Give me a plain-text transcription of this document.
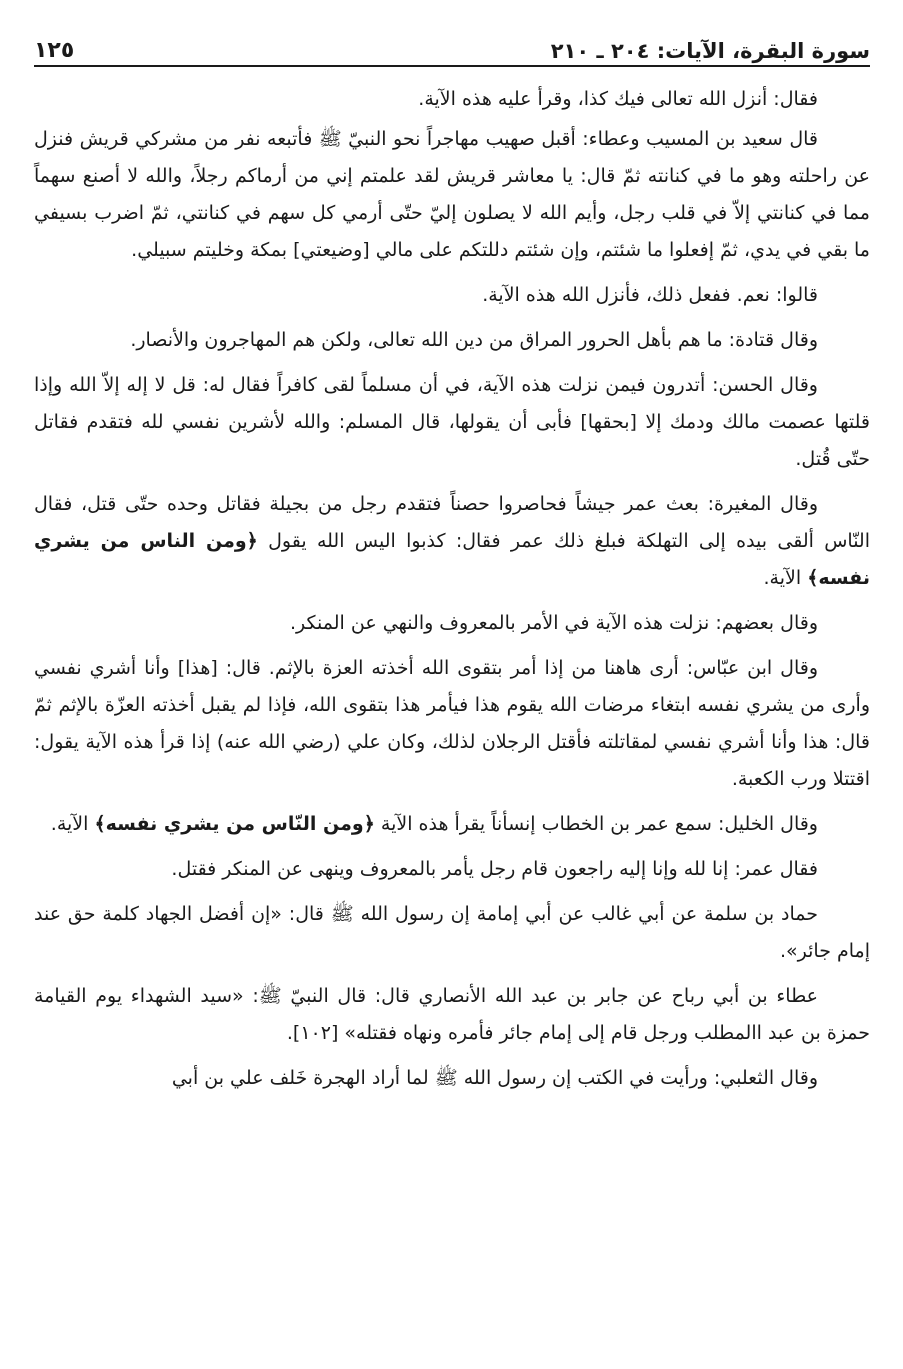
سورة البقرة، الآيات: ٢٠٤ ـ ٢١٠
١٢٥

فقال: أنزل الله تعالى فيك كذا، وقرأ عليه هذه الآية.

قال سعيد بن المسيب وعطاء: أقبل صهيب مهاجراً نحو النبيّ ﷺ فأتبعه نفر من مشركي قريش فنزل عن راحلته وهو ما في كنانته ثمّ قال: يا معاشر قريش لقد علمتم إني من أرماكم رجلاً، والله لا أصنع سهماً مما في كنانتي إلاّ في قلب رجل، وأيم الله لا يصلون إليّ حتّى أرمي كل سهم في كنانتي، ثمّ اضرب بسيفي ما بقي في يدي، ثمّ إفعلوا ما شئتم، وإن شئتم دللتكم على مالي [وضيعتي] بمكة وخليتم سبيلي.

قالوا: نعم. ففعل ذلك، فأنزل الله هذه الآية.

وقال قتادة: ما هم بأهل الحرور المراق من دين الله تعالى، ولكن هم المهاجرون والأنصار.

وقال الحسن: أتدرون فيمن نزلت هذه الآية، في أن مسلماً لقى كافراً فقال له: قل لا إله إلاّ الله وإذا قلتها عصمت مالك ودمك إلا [بحقها] فأبى أن يقولها، قال المسلم: والله لأشرين نفسي لله فتقدم فقاتل حتّى قُتل.

وقال المغيرة: بعث عمر جيشاً فحاصروا حصناً فتقدم رجل من بجيلة فقاتل وحده حتّى قتل، فقال النّاس ألقى بيده إلى التهلكة فبلغ ذلك عمر فقال: كذبوا اليس الله يقول ﴿ومن الناس من يشري نفسه﴾ الآية.

وقال بعضهم: نزلت هذه الآية في الأمر بالمعروف والنهي عن المنكر.

وقال ابن عبّاس: أرى هاهنا من إذا أمر بتقوى الله أخذته العزة بالإثم. قال: [هذا] وأنا أشري نفسي وأرى من يشري نفسه ابتغاء مرضات الله يقوم هذا فيأمر هذا بتقوى الله، فإذا لم يقبل أخذته العزّة بالإثم ثمّ قال: هذا وأنا أشري نفسي لمقاتلته فأقتل الرجلان لذلك، وكان علي (رضي الله عنه) إذا قرأ هذه الآية يقول: اقتتلا ورب الكعبة.

وقال الخليل: سمع عمر بن الخطاب إنسأناً يقرأ هذه الآية ﴿ومن النّاس من يشري نفسه﴾ الآية.

فقال عمر: إنا لله وإنا إليه راجعون قام رجل يأمر بالمعروف وينهى عن المنكر فقتل.

حماد بن سلمة عن أبي غالب عن أبي إمامة إن رسول الله ﷺ قال: «إن أفضل الجهاد كلمة حق عند إمام جائر».

عطاء بن أبي رباح عن جابر بن عبد الله الأنصاري قال: قال النبيّ ﷺ: «سيد الشهداء يوم القيامة حمزة بن عبد االمطلب ورجل قام إلى إمام جائر فأمره ونهاه فقتله» [١٠٢].

وقال الثعلبي: ورأيت في الكتب إن رسول الله ﷺ لما أراد الهجرة خَلف علي بن أبي
